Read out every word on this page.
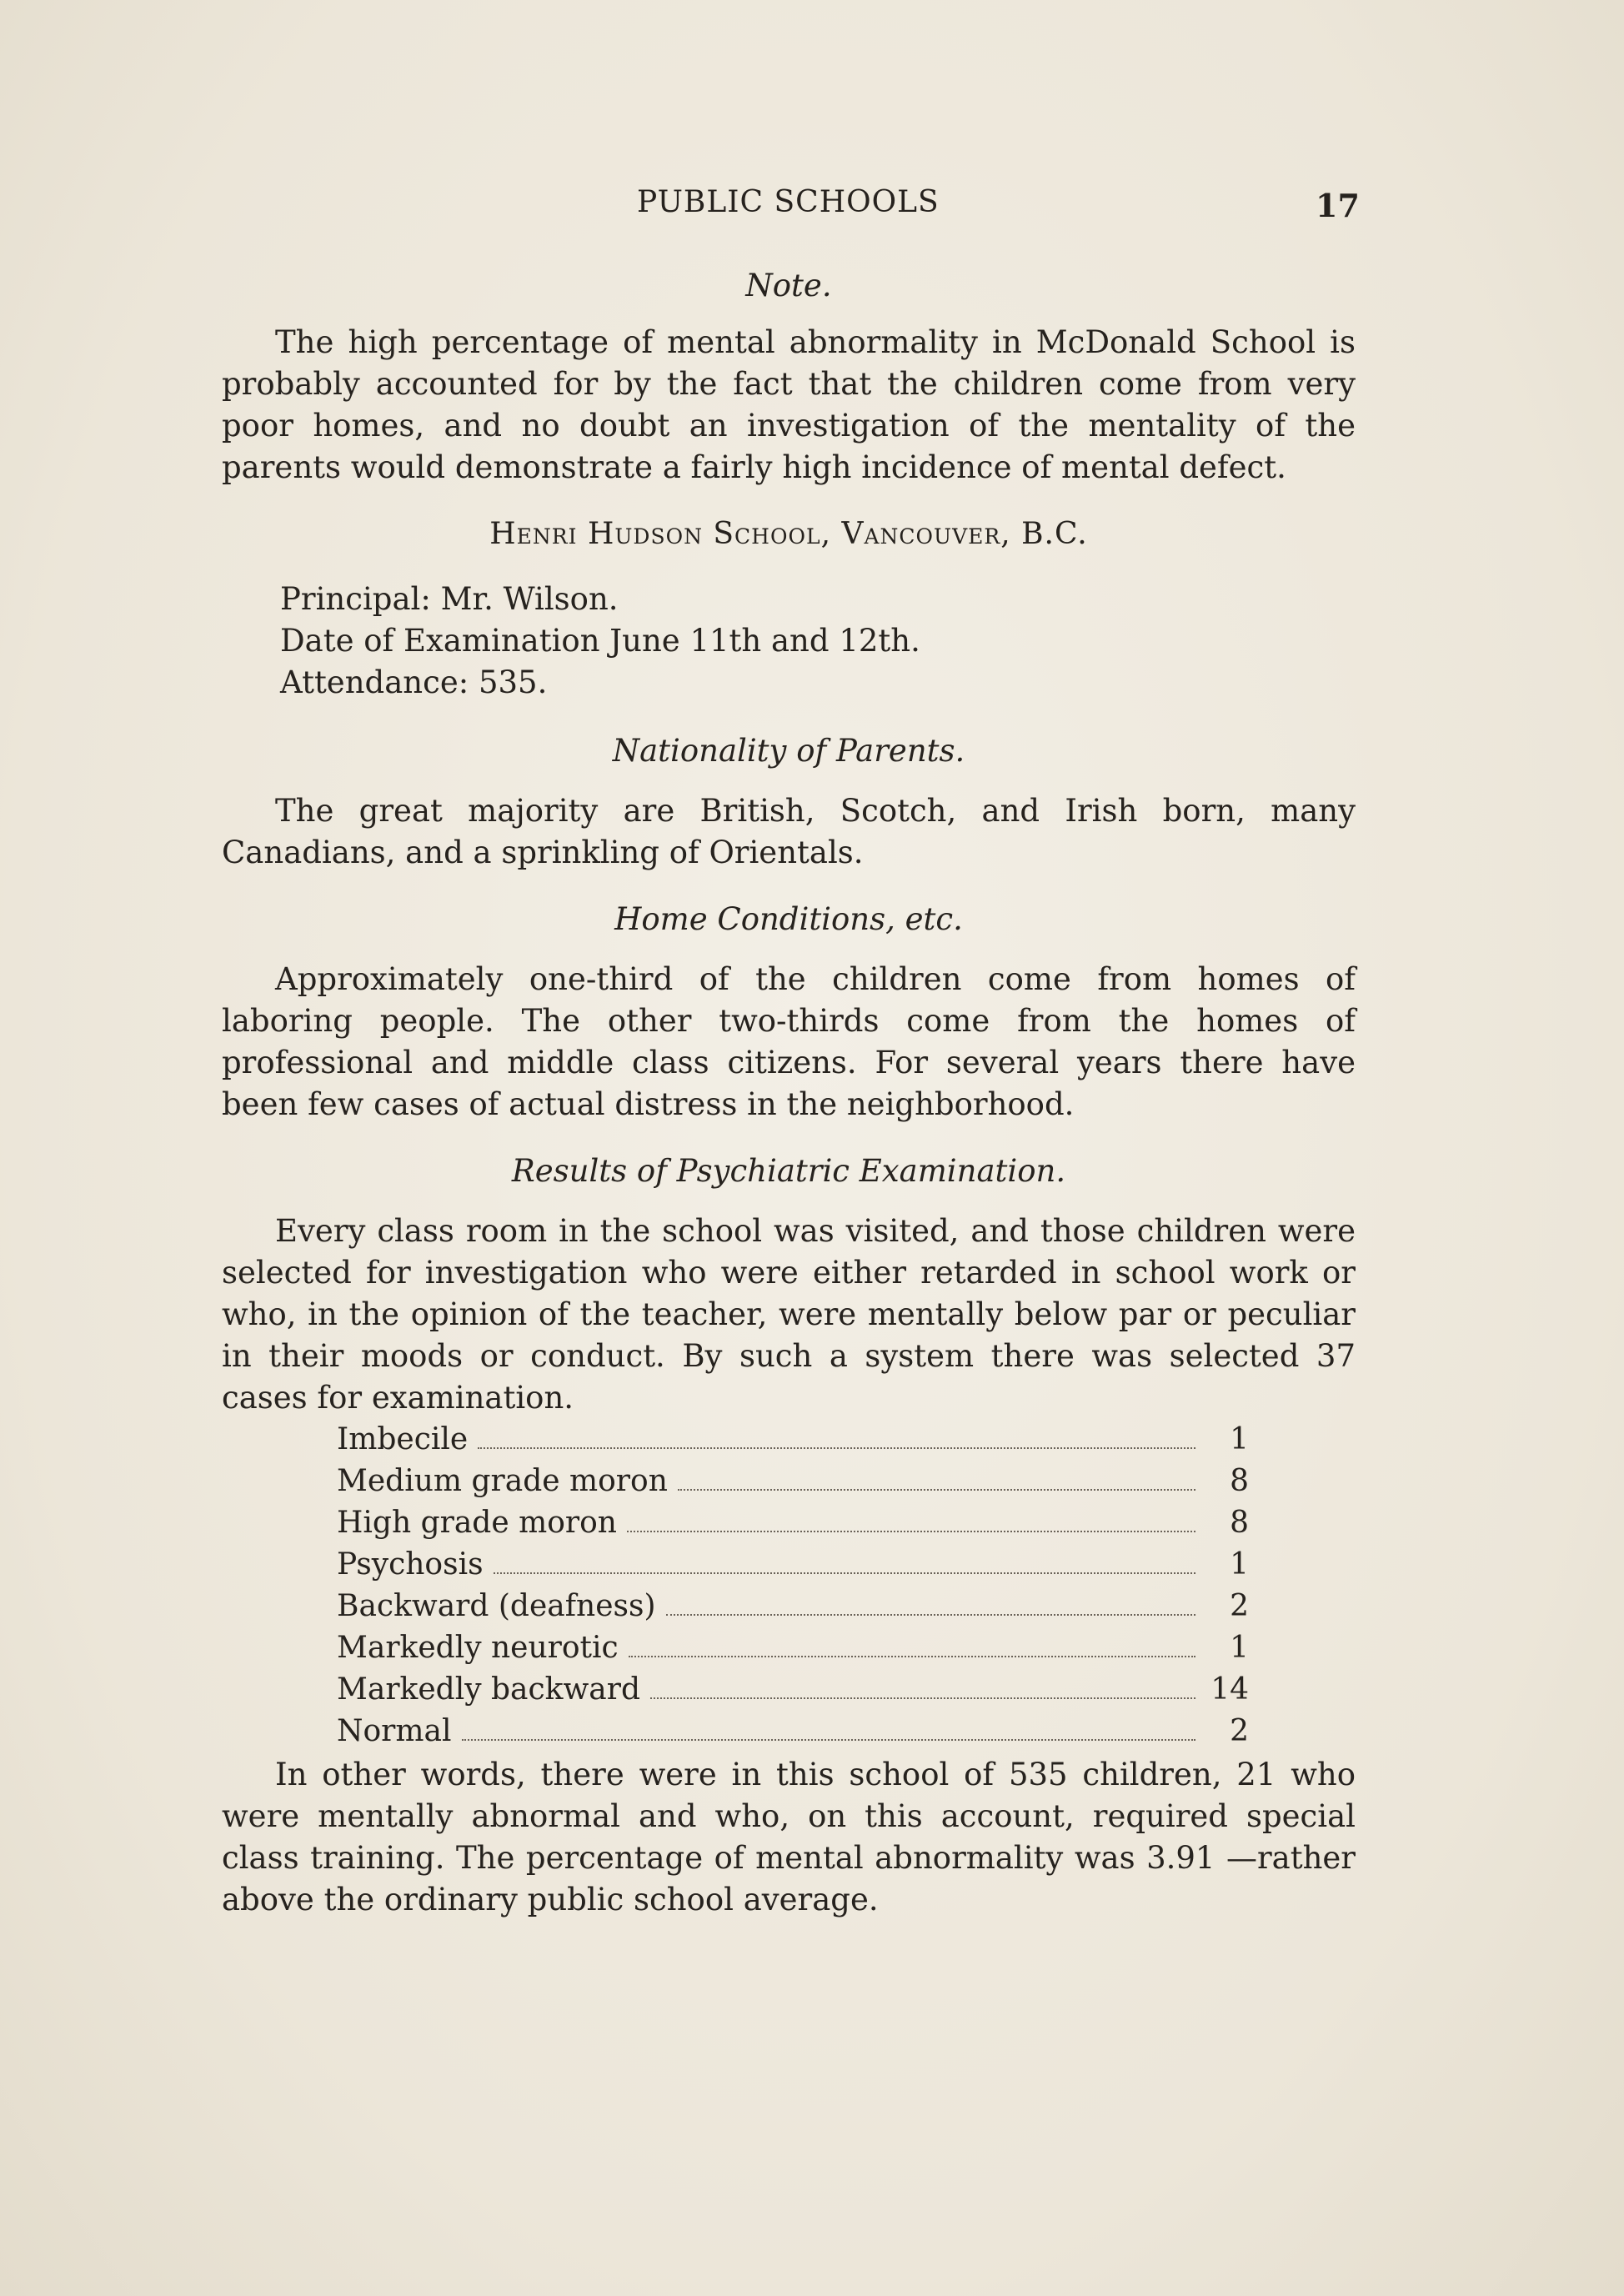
PUBLIC SCHOOLS	17
Note.

The high percentage of mental abnormality in McDonald School is probably accounted for by the fact that the children come from very poor homes, and no doubt an investigation of the mentality of the parents would demonstrate a fairly high incidence of mental defect.

Henri Hudson School, Vancouver, B.C.
Principal: Mr. Wilson.
Date of Examination June 11th and 12th.
Attendance: 535.
Nationality of Parents.

The great majority are British, Scotch, and Irish born, many Canadians, and a sprinkling of Orientals.

Home Conditions, etc.

Approximately one-third of the children come from homes of laboring people. The other two-thirds come from the homes of professional and middle class citizens. For several years there have been few cases of actual distress in the neighborhood.

Results of Psychiatric Examination.

Every class room in the school was visited, and those children were selected for investigation who were either retarded in school work or who, in the opinion of the teacher, were mentally below par or peculiar in their moods or conduct. By such a system there was selected 37 cases for examination.

Imbecile	1

Medium grade moron	8

High grade moron	8

Psychosis	1

Backward (deafness)	2

Markedly neurotic	1

Markedly backward	14

Normal	2

In other words, there were in this school of 535 children, 21 who were mentally abnormal and who, on this account, required special class training. The percentage of mental abnormality was 3.91 —rather above the ordinary public school average.
